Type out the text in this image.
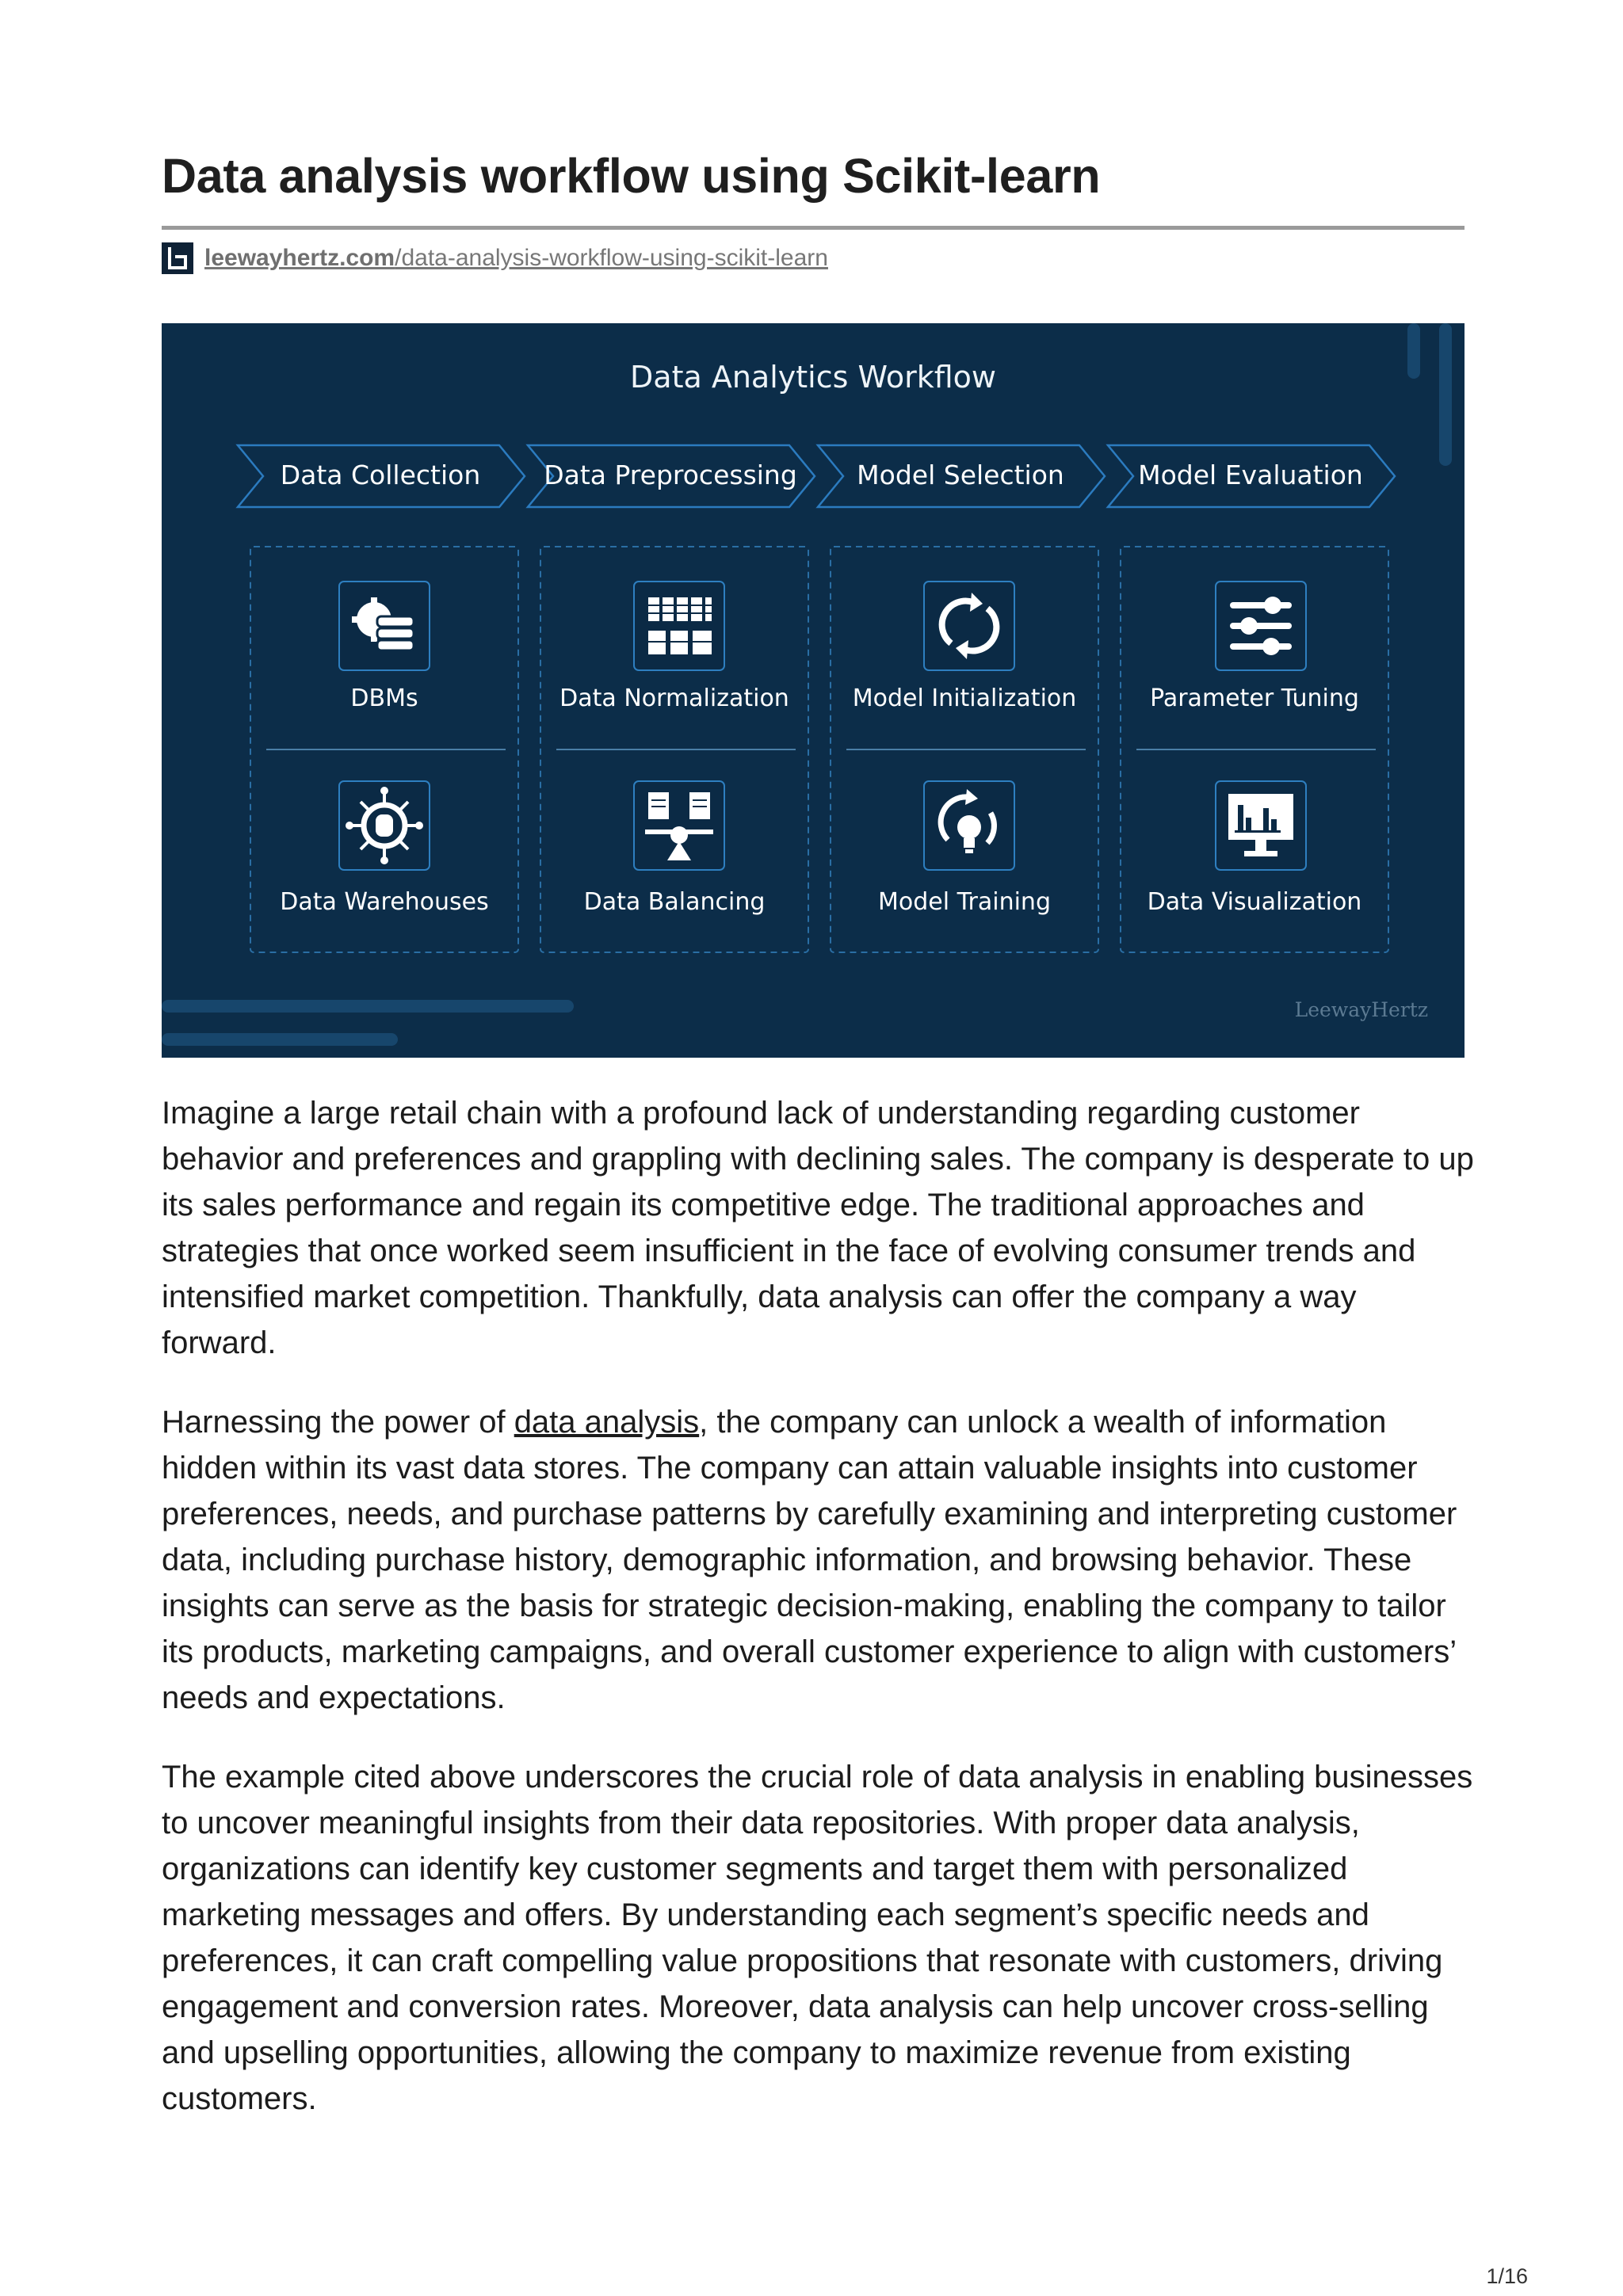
Data analysis workflow using Scikit-learn
leewayhertz.com/data-analysis-workflow-using-scikit-learn
Data Analytics Workflow
Data Collection	Data Preprocessing	Model Selection	Model Evaluation
DBMs	Data Normalization	Model Initialization	Parameter Tuning
Data Warehouses	Data Balancing	Model Training	Data Visualization
LeewayHertz

Imagine a large retail chain with a profound lack of understanding regarding customer behavior and preferences and grappling with declining sales. The company is desperate to up its sales performance and regain its competitive edge. The traditional approaches and strategies that once worked seem insufficient in the face of evolving consumer trends and intensified market competition. Thankfully, data analysis can offer the company a way forward.

Harnessing the power of data analysis, the company can unlock a wealth of information hidden within its vast data stores. The company can attain valuable insights into customer preferences, needs, and purchase patterns by carefully examining and interpreting customer data, including purchase history, demographic information, and browsing behavior. These insights can serve as the basis for strategic decision-making, enabling the company to tailor its products, marketing campaigns, and overall customer experience to align with customers’ needs and expectations.

The example cited above underscores the crucial role of data analysis in enabling businesses to uncover meaningful insights from their data repositories. With proper data analysis, organizations can identify key customer segments and target them with personalized marketing messages and offers. By understanding each segment’s specific needs and preferences, it can craft compelling value propositions that resonate with customers, driving engagement and conversion rates. Moreover, data analysis can help uncover cross-selling and upselling opportunities, allowing the company to maximize revenue from existing customers.

1/16
